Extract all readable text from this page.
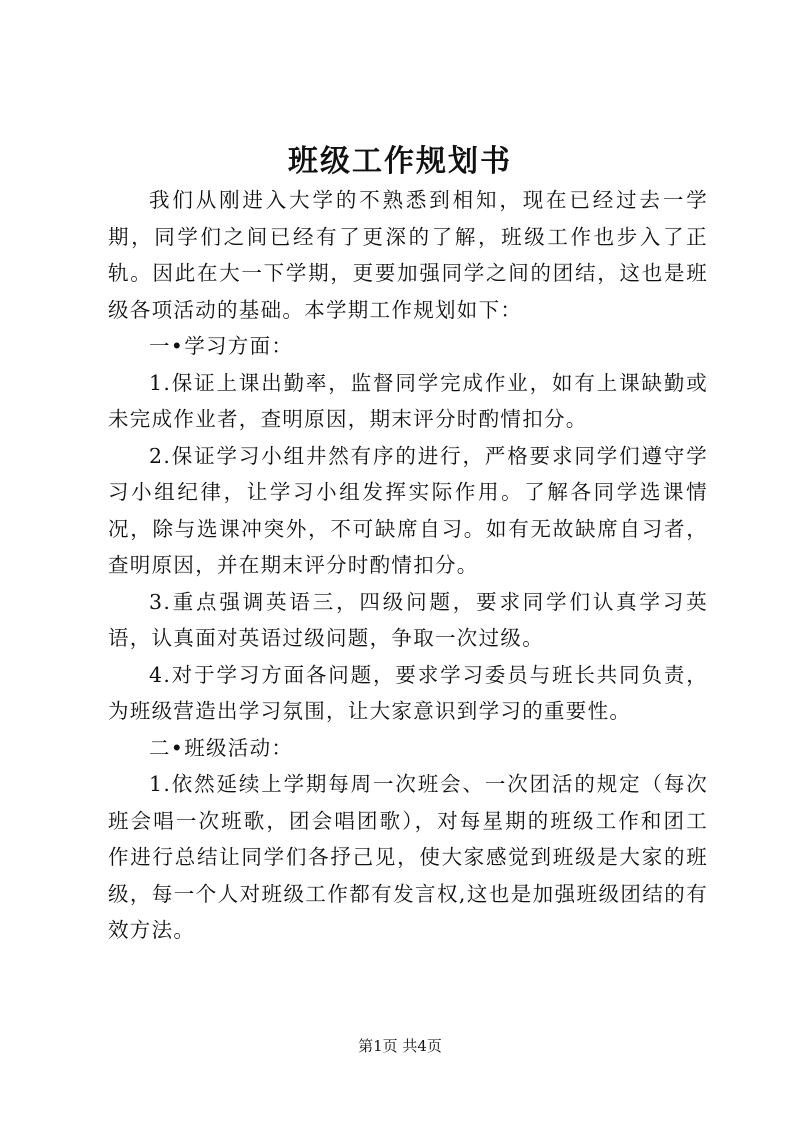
班级工作规划书

我们从刚进入大学的不熟悉到相知，现在已经过去一学期，同学们之间已经有了更深的了解，班级工作也步入了正轨。因此在大一下学期，更要加强同学之间的团结，这也是班级各项活动的基础。本学期工作规划如下：

一•学习方面：

1.保证上课出勤率，监督同学完成作业，如有上课缺勤或未完成作业者，查明原因，期末评分时酌情扣分。

2.保证学习小组井然有序的进行，严格要求同学们遵守学习小组纪律，让学习小组发挥实际作用。了解各同学选课情况，除与选课冲突外，不可缺席自习。如有无故缺席自习者，查明原因，并在期末评分时酌情扣分。

3.重点强调英语三，四级问题，要求同学们认真学习英语，认真面对英语过级问题，争取一次过级。

4.对于学习方面各问题，要求学习委员与班长共同负责，为班级营造出学习氛围，让大家意识到学习的重要性。

二•班级活动：

1.依然延续上学期每周一次班会、一次团活的规定（每次班会唱一次班歌，团会唱团歌），对每星期的班级工作和团工作进行总结让同学们各抒己见，使大家感觉到班级是大家的班级，每一个人对班级工作都有发言权,这也是加强班级团结的有效方法。

第1页 共4页
